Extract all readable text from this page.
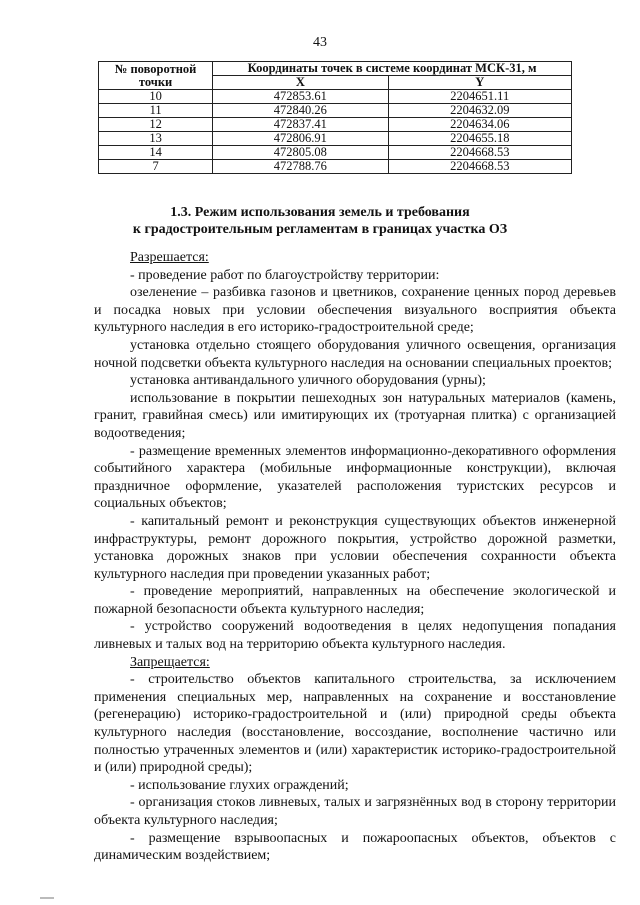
43
№ поворотной точки	Координаты точек в системе координат МСК-31, м	
	X	Y
10	472853.61	2204651.11
11	472840.26	2204632.09
12	472837.41	2204634.06
13	472806.91	2204655.18
14	472805.08	2204668.53
7	472788.76	2204668.53
1.3. Режим использования земель и требования
к градостроительным регламентам в границах участка ОЗ

Разрешается:

- проведение работ по благоустройству территории:

озеленение – разбивка газонов и цветников, сохранение ценных пород деревьев и посадка новых при условии обеспечения визуального восприятия объекта культурного наследия в его историко-градостроительной среде;

установка отдельно стоящего оборудования уличного освещения, организация ночной подсветки объекта культурного наследия на основании специальных проектов;

установка антивандального уличного оборудования (урны);

использование в покрытии пешеходных зон натуральных материалов (камень, гранит, гравийная смесь) или имитирующих их (тротуарная плитка) с организацией водоотведения;

- размещение временных элементов информационно-декоративного оформления событийного характера (мобильные информационные конструкции), включая праздничное оформление, указателей расположения туристских ресурсов и социальных объектов;

- капитальный ремонт и реконструкция существующих объектов инженерной инфраструктуры, ремонт дорожного покрытия, устройство дорожной разметки, установка дорожных знаков при условии обеспечения сохранности объекта культурного наследия при проведении указанных работ;

- проведение мероприятий, направленных на обеспечение экологической и пожарной безопасности объекта культурного наследия;

- устройство сооружений водоотведения в целях недопущения попадания ливневых и талых вод на территорию объекта культурного наследия.

Запрещается:

- строительство объектов капитального строительства, за исключением применения специальных мер, направленных на сохранение и восстановление (регенерацию) историко-градостроительной и (или) природной среды объекта культурного наследия (восстановление, воссоздание, восполнение частично или полностью утраченных элементов и (или) характеристик историко-градостроительной и (или) природной среды);

- использование глухих ограждений;

- организация стоков ливневых, талых и загрязнённых вод в сторону территории объекта культурного наследия;

- размещение взрывоопасных и пожароопасных объектов, объектов с динамическим воздействием;
